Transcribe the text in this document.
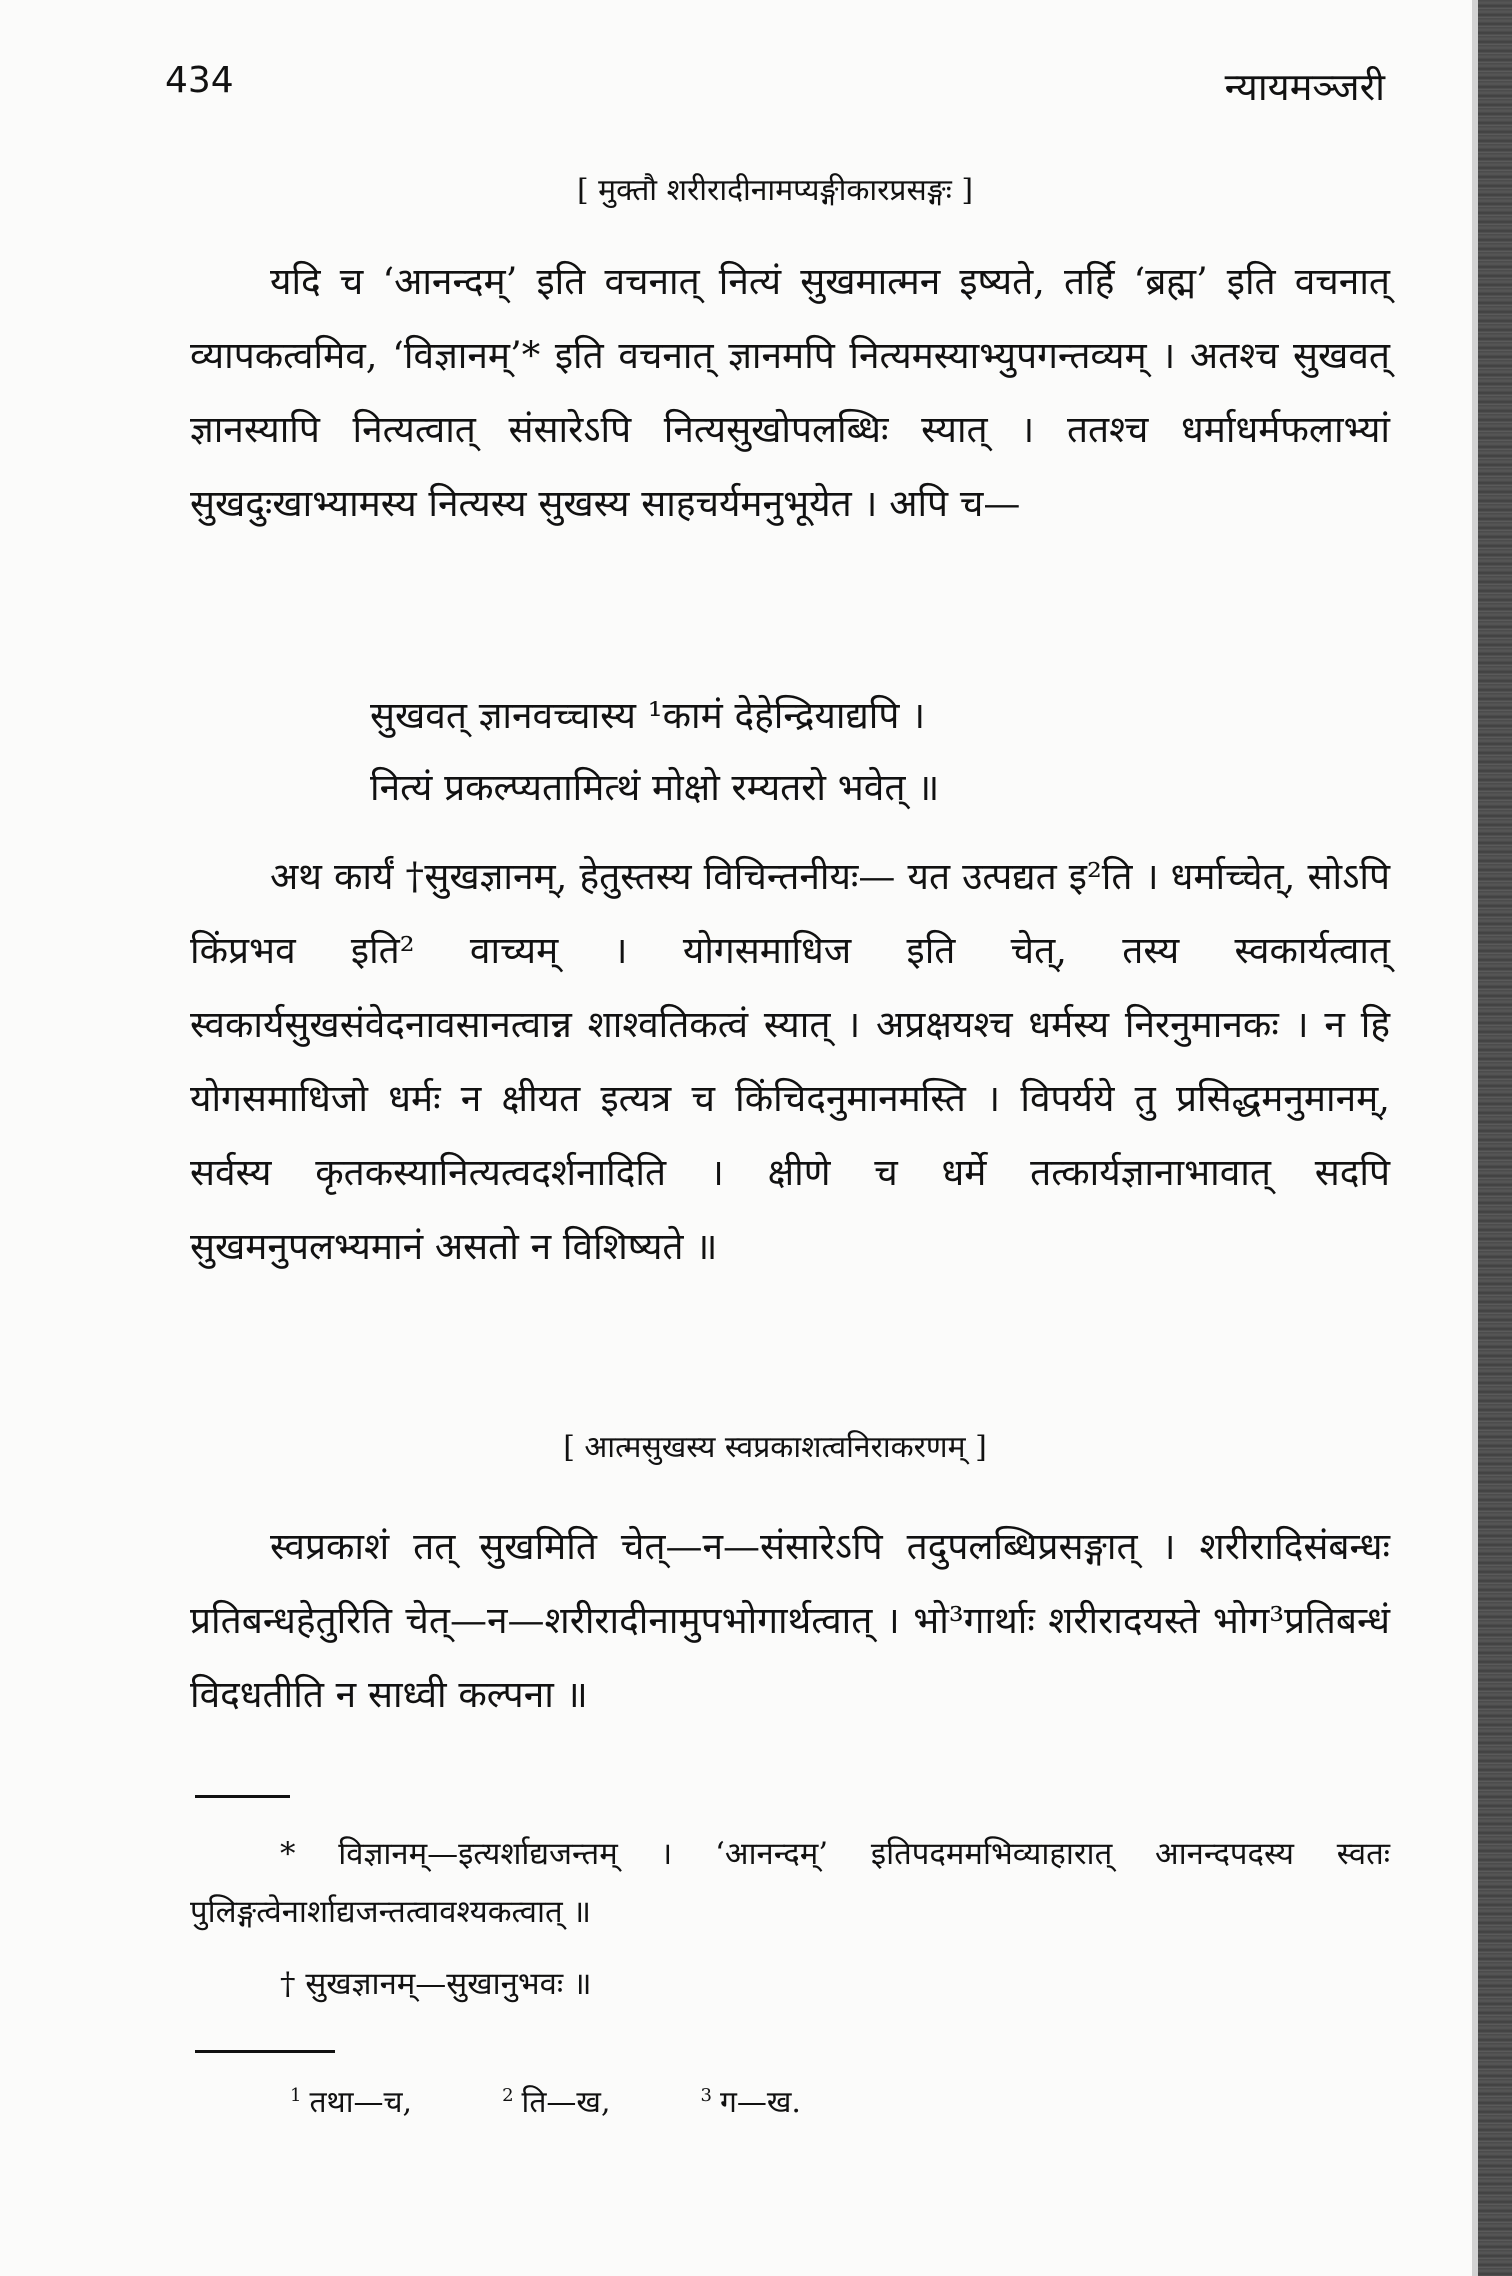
434	न्यायमञ्जरी
[ मुक्तौ शरीरादीनामप्यङ्गीकारप्रसङ्गः ]

यदि च ‘आनन्दम्’ इति वचनात् नित्यं सुखमात्मन इष्यते, तर्हि ‘ब्रह्म’ इति वचनात् व्यापकत्वमिव, ‘विज्ञानम्’* इति वचनात् ज्ञानमपि नित्यमस्याभ्युपगन्तव्यम् । अतश्च सुखवत् ज्ञानस्यापि नित्यत्वात् संसारेऽपि नित्यसुखोपलब्धिः स्यात् । ततश्च धर्माधर्मफलाभ्यां सुखदुःखाभ्यामस्य नित्यस्य सुखस्य साहचर्यमनुभूयेत । अपि च—

सुखवत् ज्ञानवच्चास्य ¹कामं देहेन्द्रियाद्यपि ।
नित्यं प्रकल्प्यतामित्थं मोक्षो रम्यतरो भवेत् ॥

अथ कार्यं †सुखज्ञानम्, हेतुस्तस्य विचिन्तनीयः— यत उत्पद्यत इ²ति । धर्माच्चेत्, सोऽपि किंप्रभव इति² वाच्यम् । योगसमाधिज इति चेत्, तस्य स्वकार्यत्वात् स्वकार्यसुखसंवेदनावसानत्वान्न शाश्वतिकत्वं स्यात् । अप्रक्षयश्च धर्मस्य निरनुमानकः । न हि योगसमाधिजो धर्मः न क्षीयत इत्यत्र च किंचिदनुमानमस्ति । विपर्यये तु प्रसिद्धमनुमानम्, सर्वस्य कृतकस्यानित्यत्वदर्शनादिति । क्षीणे च धर्मे तत्कार्यज्ञानाभावात् सदपि सुखमनुपलभ्यमानं असतो न विशिष्यते ॥

[ आत्मसुखस्य स्वप्रकाशत्वनिराकरणम् ]

स्वप्रकाशं तत् सुखमिति चेत्—न—संसारेऽपि तदुपलब्धिप्रसङ्गात् । शरीरादिसंबन्धः प्रतिबन्धहेतुरिति चेत्—न—शरीरादीनामुपभोगार्थत्वात् । भो³गार्थाः शरीरादयस्ते भोग³प्रतिबन्धं विदधतीति न साध्वी कल्पना ॥

* विज्ञानम्—इत्यर्शाद्यजन्तम् । ‘आनन्दम्’ इतिपदममभिव्याहारात् आनन्दपदस्य स्वतः पुलिङ्गत्वेनार्शाद्यजन्तत्वावश्यकत्वात् ॥

† सुखज्ञानम्—सुखानुभवः ॥

$^1$ तथा—च,	$^2$ ति—ख,	$^3$ ग—ख.
